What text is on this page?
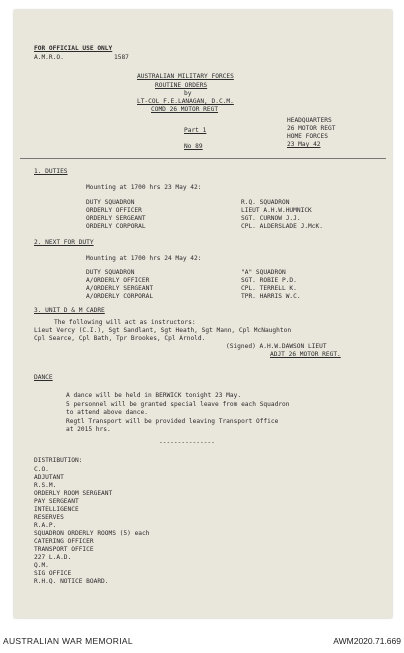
FOR OFFICIAL USE ONLY
A.M.R.O.	1587
AUSTRALIAN MILITARY FORCES
ROUTINE ORDERS
by
LT-COL F.E.LANAGAN, D.C.M.
COMD 26 MOTOR REGT
Part 1
No 89
HEADQUARTERS
26 MOTOR REGT
HOME FORCES
23 May 42
1. DUTIES
Mounting at 1700 hrs 23 May 42:
DUTY SQUADRON	R.Q. SQUADRON
ORDERLY OFFICER	LIEUT A.H.W.HUMNICK
ORDERLY SERGEANT	SGT. CURNOW J.J.
ORDERLY CORPORAL	CPL. ALDERSLADE J.McK.
2. NEXT FOR DUTY
Mounting at 1700 hrs 24 May 42:
DUTY SQUADRON	"A" SQUADRON
A/ORDERLY OFFICER	SGT. ROBIE P.D.
A/ORDERLY SERGEANT	CPL. TERRELL K.
A/ORDERLY CORPORAL	TPR. HARRIS W.C.
3. UNIT D & M CADRE
The following will act as instructors:
Lieut Vercy (C.I.), Sgt Sandlant, Sgt Heath, Sgt Mann, Cpl McNaughton
Cpl Searce, Cpl Bath, Tpr Brookes, Cpl Arnold.
(Signed) A.H.W.DAWSON LIEUT
ADJT 26 MOTOR REGT.
DANCE
A dance will be held in BERWICK tonight 23 May.
5 personnel will be granted special leave from each Squadron
to attend above dance.
Regtl Transport will be provided leaving Transport Office
at 2015 hrs.
---------------
DISTRIBUTION:
C.O.
ADJUTANT
R.S.M.
ORDERLY ROOM SERGEANT
PAY SERGEANT
INTELLIGENCE
RESERVES
R.A.P.
SQUADRON ORDERLY ROOMS (5) each
CATERING OFFICER
TRANSPORT OFFICE
227 L.A.D.
Q.M.
SIG OFFICE
R.H.Q. NOTICE BOARD.
AUSTRALIAN WAR MEMORIAL	AWM2020.71.669
